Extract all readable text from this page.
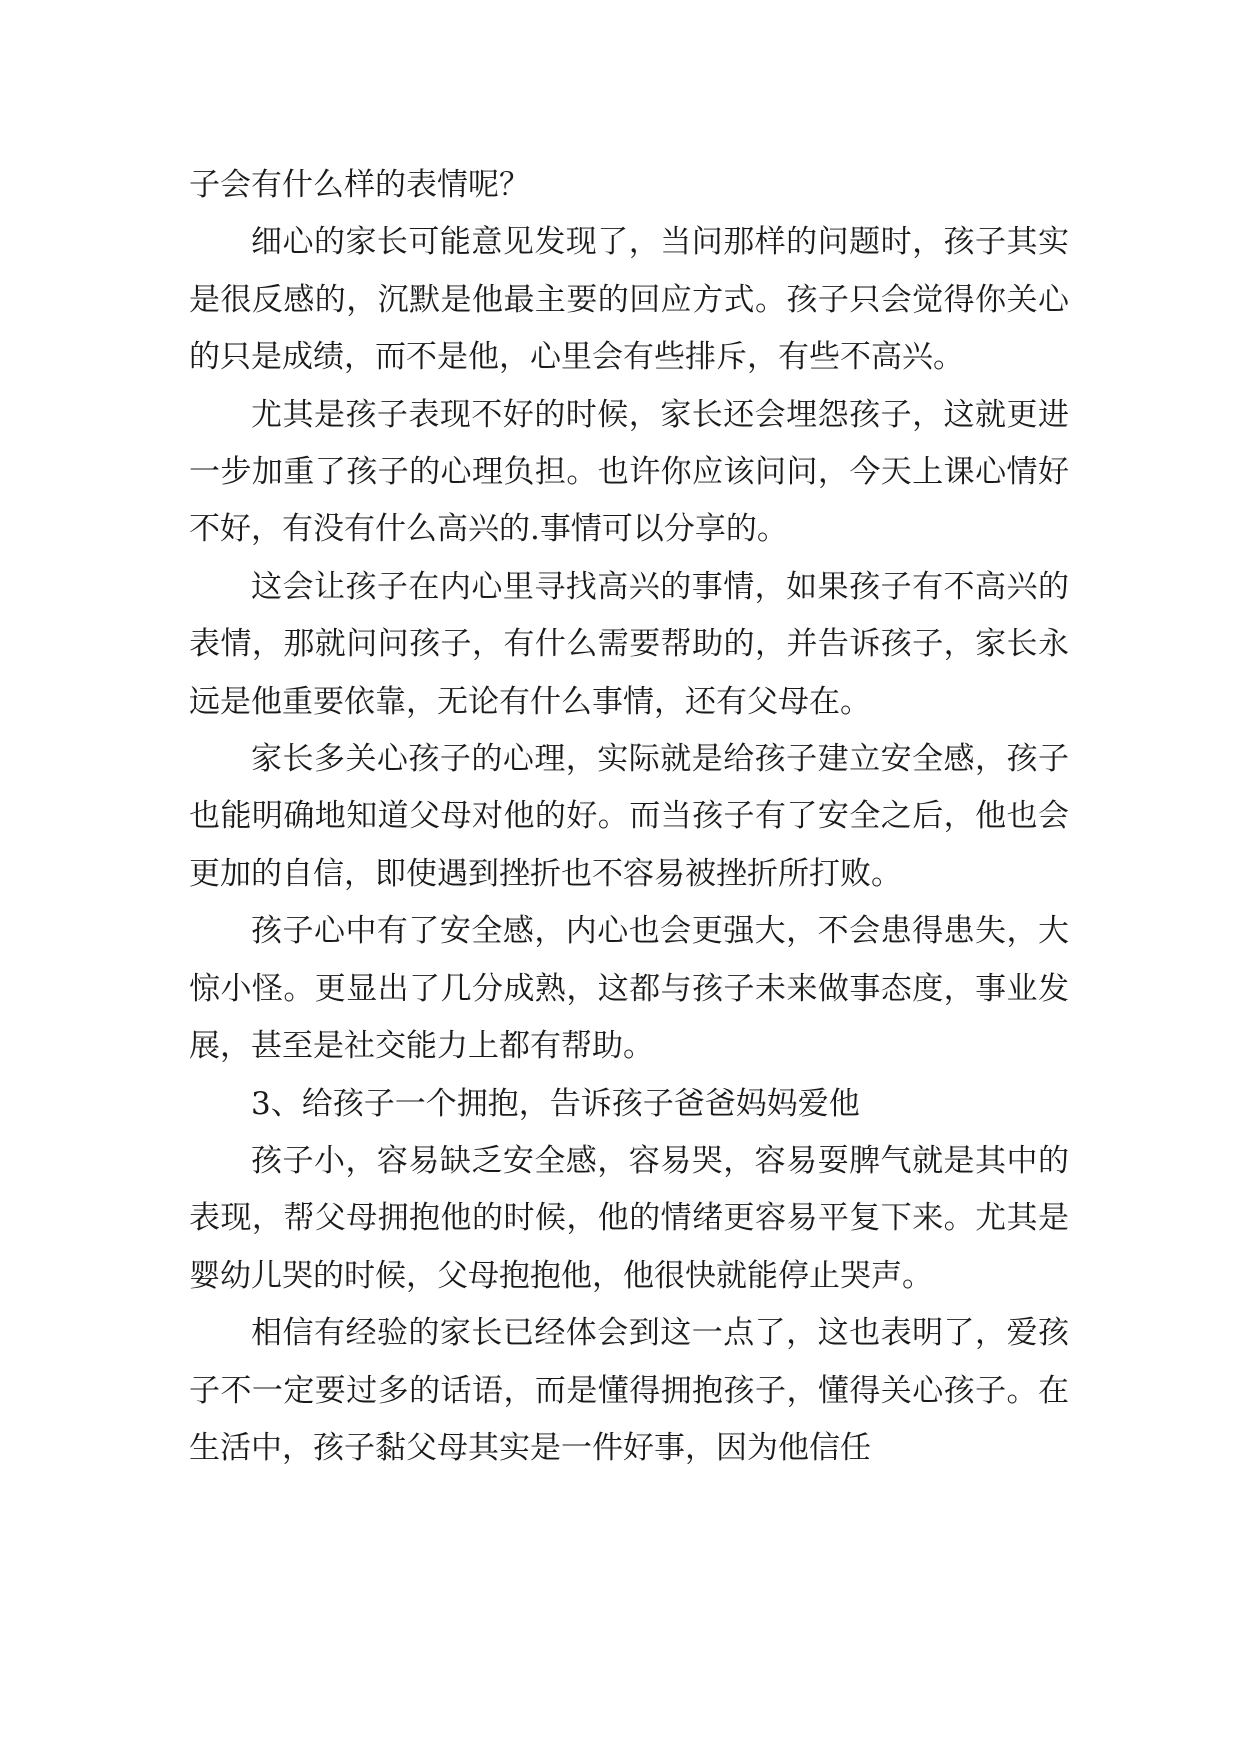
子会有什么样的表情呢？

细心的家长可能意见发现了，当问那样的问题时，孩子其实是很反感的，沉默是他最主要的回应方式。孩子只会觉得你关心的只是成绩，而不是他，心里会有些排斥，有些不高兴。

尤其是孩子表现不好的时候，家长还会埋怨孩子，这就更进一步加重了孩子的心理负担。也许你应该问问，今天上课心情好不好，有没有什么高兴的.事情可以分享的。

这会让孩子在内心里寻找高兴的事情，如果孩子有不高兴的表情，那就问问孩子，有什么需要帮助的，并告诉孩子，家长永远是他重要依靠，无论有什么事情，还有父母在。

家长多关心孩子的心理，实际就是给孩子建立安全感，孩子也能明确地知道父母对他的好。而当孩子有了安全之后，他也会更加的自信，即使遇到挫折也不容易被挫折所打败。

孩子心中有了安全感，内心也会更强大，不会患得患失，大惊小怪。更显出了几分成熟，这都与孩子未来做事态度，事业发展，甚至是社交能力上都有帮助。

3、给孩子一个拥抱，告诉孩子爸爸妈妈爱他

孩子小，容易缺乏安全感，容易哭，容易耍脾气就是其中的表现，帮父母拥抱他的时候，他的情绪更容易平复下来。尤其是婴幼儿哭的时候，父母抱抱他，他很快就能停止哭声。

相信有经验的家长已经体会到这一点了，这也表明了，爱孩子不一定要过多的话语，而是懂得拥抱孩子，懂得关心孩子。在生活中，孩子黏父母其实是一件好事，因为他信任
